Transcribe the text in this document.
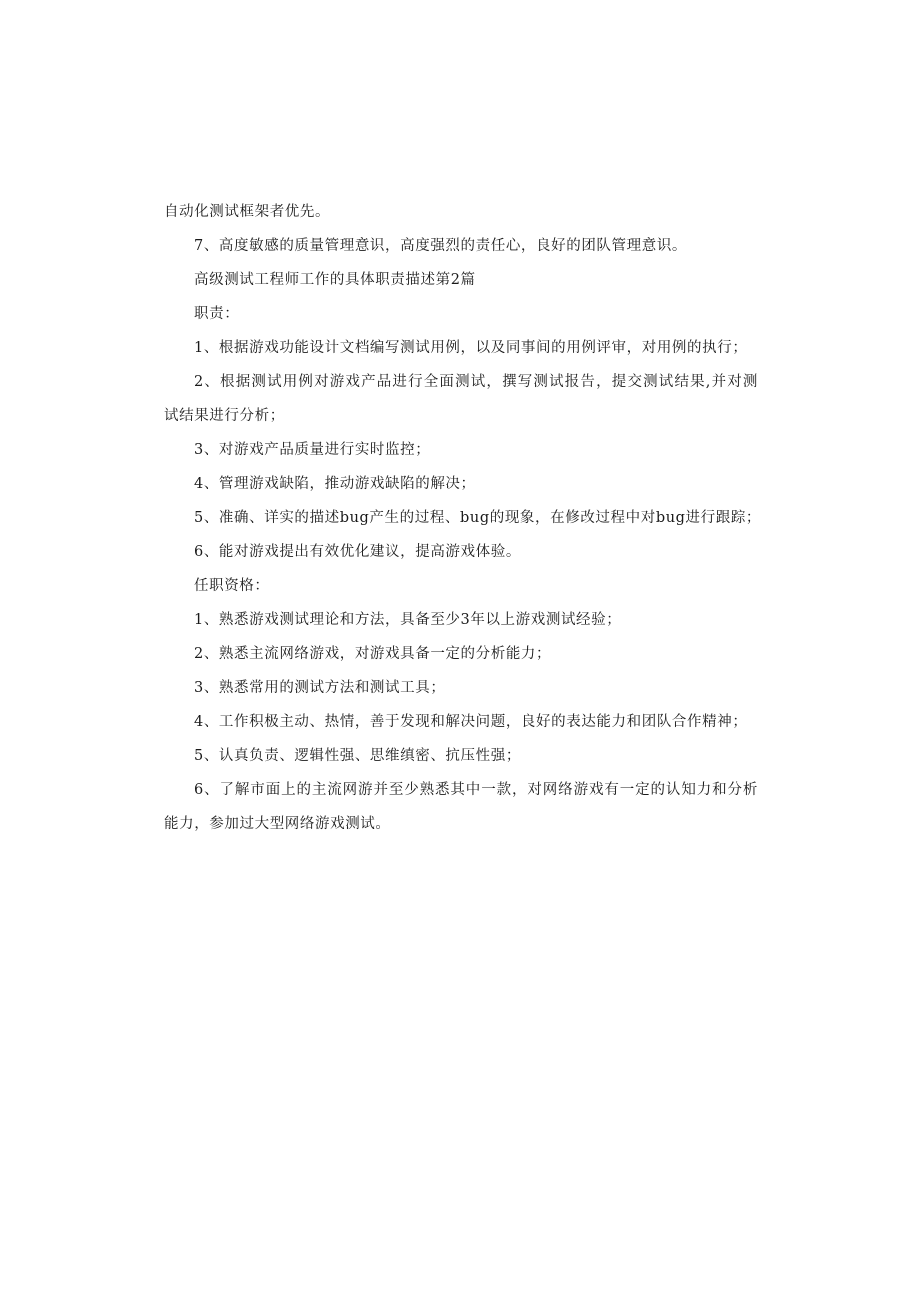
自动化测试框架者优先。
7、高度敏感的质量管理意识，高度强烈的责任心，良好的团队管理意识。
高级测试工程师工作的具体职责描述第2篇
职责：
1、根据游戏功能设计文档编写测试用例，以及同事间的用例评审，对用例的执行；
2、根据测试用例对游戏产品进行全面测试，撰写测试报告，提交测试结果,并对测
试结果进行分析；
3、对游戏产品质量进行实时监控；
4、管理游戏缺陷，推动游戏缺陷的解决；
5、准确、详实的描述bug产生的过程、bug的现象，在修改过程中对bug进行跟踪；
6、能对游戏提出有效优化建议，提高游戏体验。
任职资格：
1、熟悉游戏测试理论和方法，具备至少3年以上游戏测试经验；
2、熟悉主流网络游戏，对游戏具备一定的分析能力；
3、熟悉常用的测试方法和测试工具；
4、工作积极主动、热情，善于发现和解决问题，良好的表达能力和团队合作精神；
5、认真负责、逻辑性强、思维缜密、抗压性强；
6、了解市面上的主流网游并至少熟悉其中一款，对网络游戏有一定的认知力和分析
能力，参加过大型网络游戏测试。
